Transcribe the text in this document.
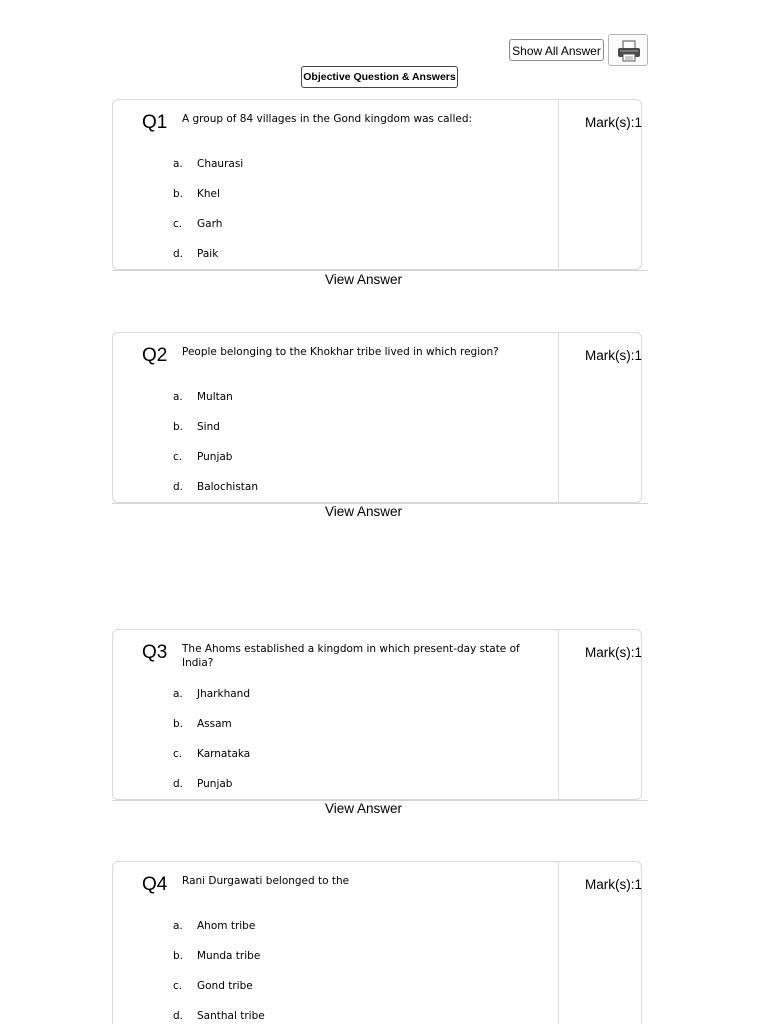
Show All Answer
Objective Question & Answers
Q1 A group of 84 villages in the Gond kingdom was called:	Mark(s):1
a. Chaurasi
b. Khel
c. Garh
d. Paik
View Answer
Q2 People belonging to the Khokhar tribe lived in which region?	Mark(s):1
a. Multan
b. Sind
c. Punjab
d. Balochistan
View Answer
Q3 The Ahoms established a kingdom in which present-day state of India?
Mark(s):1
a. Jharkhand
b. Assam
c. Karnataka
d. Punjab
View Answer
Q4 Rani Durgawati belonged to the	Mark(s):1
a. Ahom tribe
b. Munda tribe
c. Gond tribe
d. Santhal tribe
